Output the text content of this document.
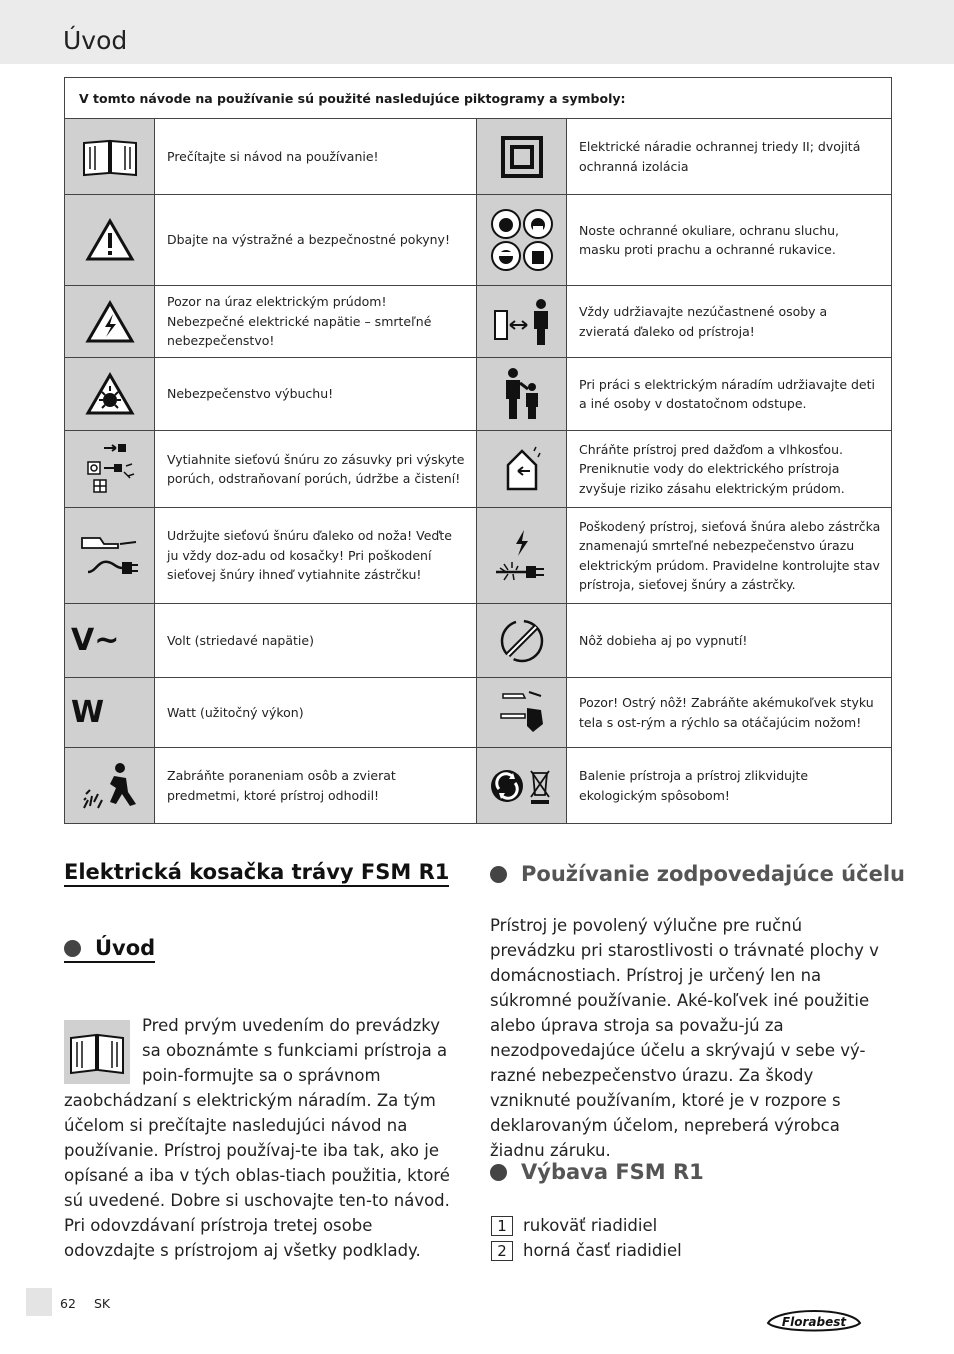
Úvod
V tomto návode na používanie sú použité nasledujúce piktogramy a symboly:			

	Prečítajte si návod na používanie!		Elektrické náradie ochrannej triedy II; dvojitá ochranná izolácia

	Dbajte na výstražné a bezpečnostné pokyny!		Noste ochranné okuliare, ochranu sluchu, masku proti prachu a ochranné rukavice.

	Pozor na úraz elektrickým prúdom! Nebezpečné elektrické napätie – smrteľné nebezpečenstvo!		Vždy udržiavajte nezúčastnené osoby a zvieratá ďaleko od prístroja!

	Nebezpečenstvo výbuchu!		Pri práci s elektrickým náradím udržiavajte deti a iné osoby v dostatočnom odstupe.

	Vytiahnite sieťovú šnúru zo zásuvky pri výskyte porúch, odstraňovaní porúch, údržbe a čistení!		Chráňte prístroj pred dažďom a vlhkosťou. Preniknutie vody do elektrického prístroja zvyšuje riziko zásahu elektrickým prúdom.

	Udržujte sieťovú šnúru ďaleko od noža! Veďte ju vždy doz-adu od kosačky! Pri poškodení sieťovej šnúry ihneď vytiahnite zástrčku!		Poškodený prístroj, sieťová šnúra alebo zástrčka znamenajú smrteľné nebezpečenstvo úrazu elektrickým prúdom. Pravidelne kontrolujte stav prístroja, sieťovej šnúry a zástrčky.

V~	Volt (striedavé napätie)		Nôž dobieha aj po vypnutí!

W	Watt (užitočný výkon)		Pozor! Ostrý nôž! Zabráňte akémukoľvek styku tela s ost-rým a rýchlo sa otáčajúcim nožom!

	Zabráňte poraneniam osôb a zvierat predmetmi, ktoré prístroj odhodil!		Balenie prístroja a prístroj zlikvidujte ekologickým spôsobom!
Elektrická kosačka trávy FSM R1
Úvod
Pred prvým uvedením do prevádzky sa oboznámte s funkciami prístroja a poin-formujte sa o správnom zaobchádzaní s elektrickým náradím. Za tým účelom si prečítajte nasledujúci návod na používanie. Prístroj používaj-te iba tak, ako je opísané a iba v tých oblas-tiach použitia, ktoré sú uvedené. Dobre si uschovajte ten-to návod. Pri odovzdávaní prístroja tretej osobe odovzdajte s prístrojom aj všetky podklady.
Používanie zodpovedajúce účelu
Prístroj je povolený výlučne pre ručnú prevádzku pri starostlivosti o trávnaté plochy v domácnostiach. Prístroj je určený len na súkromné používanie. Aké-koľvek iné použitie alebo úprava stroja sa považu-jú za nezodpovedajúce účelu a skrývajú v sebe vý-razné nebezpečenstvo úrazu. Za škody vzniknuté používaním, ktoré je v rozpore s deklarovaným účelom, nepreberá výrobca žiadnu záruku.
Výbava FSM R1
1 rukoväť riadidiel
2 horná časť riadidiel
62 SK
Florabest
